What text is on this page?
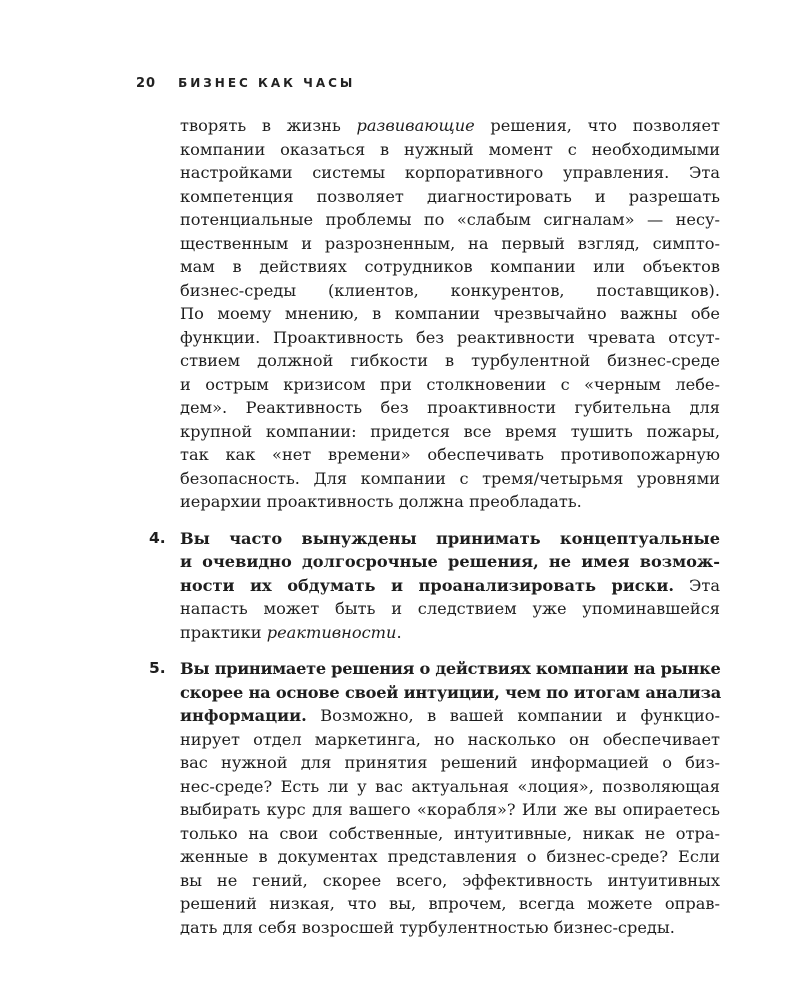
20 БИЗНЕС КАК ЧАСЫ
творять в жизнь развивающие решения, что позволяет
компании оказаться в нужный момент с необходимыми
настройками системы корпоративного управления. Эта
компетенция позволяет диагностировать и разрешать
потенциальные проблемы по «слабым сигналам» — несу-
щественным и разрозненным, на первый взгляд, симпто-
мам в действиях сотрудников компании или объектов
бизнес-среды (клиентов, конкурентов, поставщиков).
По моему мнению, в компании чрезвычайно важны обе
функции. Проактивность без реактивности чревата отсут-
ствием должной гибкости в турбулентной бизнес-среде
и острым кризисом при столкновении с «черным лебе-
дем». Реактивность без проактивности губительна для
крупной компании: придется все время тушить пожары,
так как «нет времени» обеспечивать противопожарную
безопасность. Для компании с тремя/четырьмя уровнями
иерархии проактивность должна преобладать.
4. Вы часто вынуждены принимать концептуальные
и очевидно долгосрочные решения, не имея возмож-
ности их обдумать и проанализировать риски. Эта
напасть может быть и следствием уже упоминавшейся
практики реактивности.
5. Вы принимаете решения о действиях компании на рынке
скорее на основе своей интуиции, чем по итогам анализа
информации. Возможно, в вашей компании и функцио-
нирует отдел маркетинга, но насколько он обеспечивает
вас нужной для принятия решений информацией о биз-
нес-среде? Есть ли у вас актуальная «лоция», позволяющая
выбирать курс для вашего «корабля»? Или же вы опираетесь
только на свои собственные, интуитивные, никак не отра-
женные в документах представления о бизнес-среде? Если
вы не гений, скорее всего, эффективность интуитивных
решений низкая, что вы, впрочем, всегда можете оправ-
дать для себя возросшей турбулентностью бизнес-среды.
